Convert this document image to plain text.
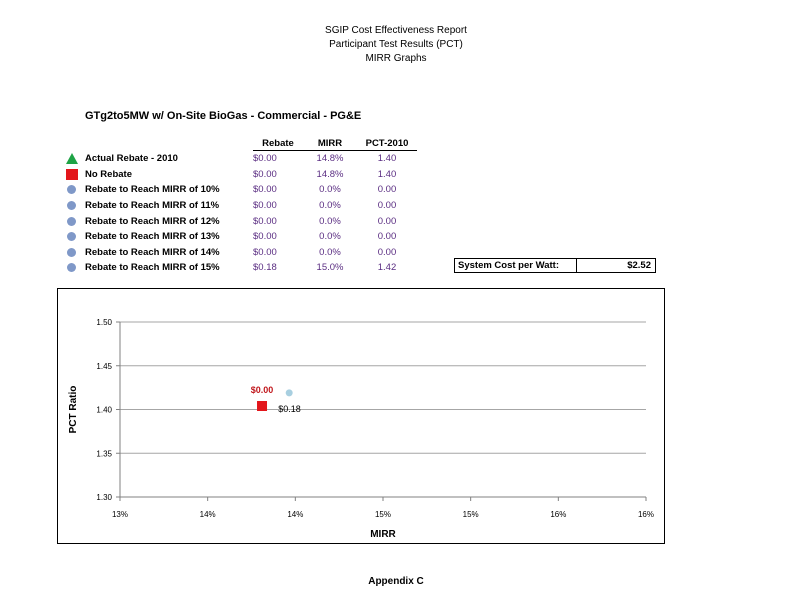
SGIP Cost Effectiveness Report
Participant Test Results (PCT)
MIRR Graphs
GTg2to5MW w/ On-Site BioGas - Commercial - PG&E
		Rebate	MIRR	PCT-2010
	Actual Rebate - 2010	$0.00	14.8%	1.40
	No Rebate	$0.00	14.8%	1.40
	Rebate to Reach MIRR of 10%	$0.00	0.0%	0.00
	Rebate to Reach MIRR of 11%	$0.00	0.0%	0.00
	Rebate to Reach MIRR of 12%	$0.00	0.0%	0.00
	Rebate to Reach MIRR of 13%	$0.00	0.0%	0.00
	Rebate to Reach MIRR of 14%	$0.00	0.0%	0.00
	Rebate to Reach MIRR of 15%	$0.18	15.0%	1.42	System Cost per Watt:	$2.52
1.30
1.35
1.40
1.45
1.50
13%	14%	14%	15%	15%	16%	16%
$0.00
$0.18
PCT Ratio
MIRR
Appendix C
